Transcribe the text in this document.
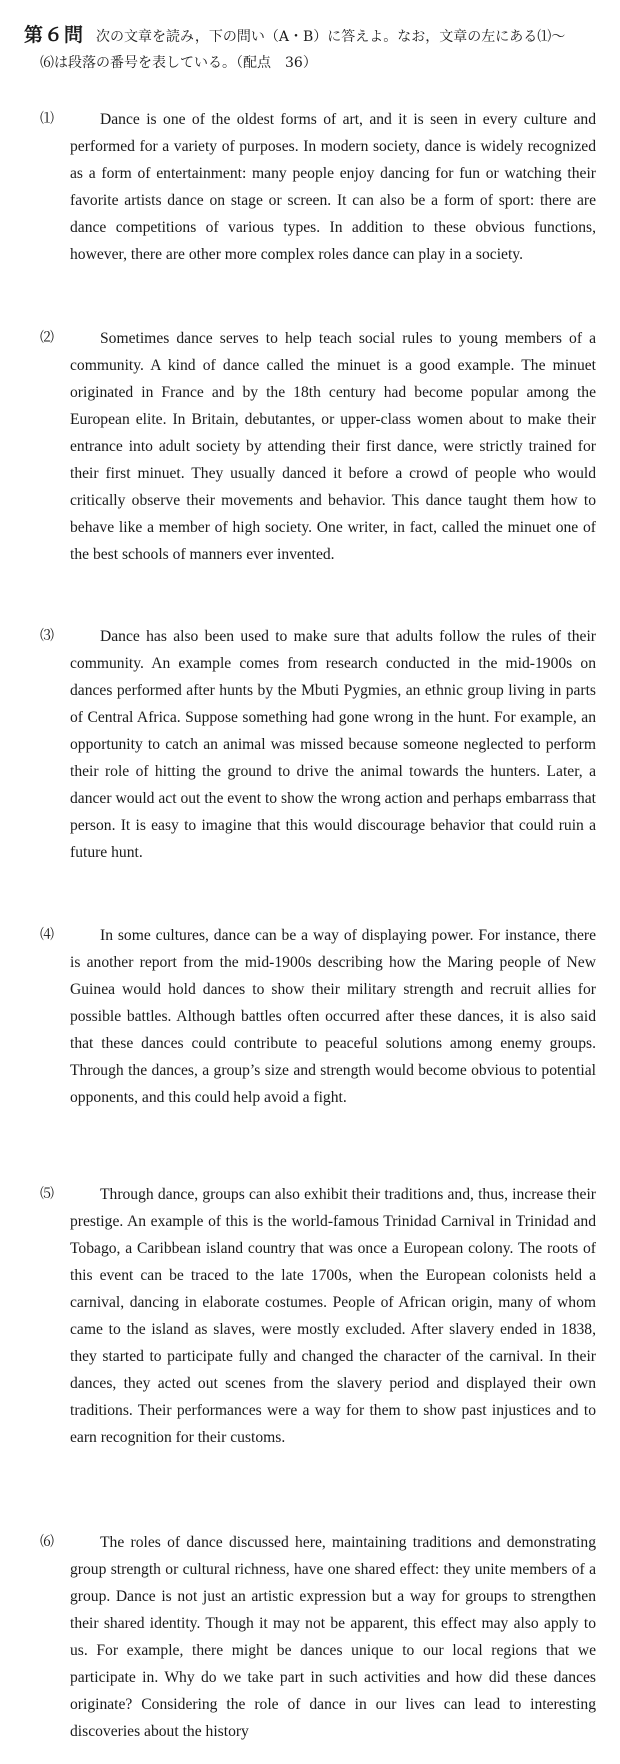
第６問 次の文章を読み，下の問い（A・B）に答えよ。なお，文章の左にある⑴〜
⑹は段落の番号を表している。（配点　36）
⑴	Dance is one of the oldest forms of art, and it is seen in every culture and performed for a variety of purposes. In modern society, dance is widely recognized as a form of entertainment: many people enjoy dancing for fun or watching their favorite artists dance on stage or screen. It can also be a form of sport: there are dance competitions of various types. In addition to these obvious functions, however, there are other more complex roles dance can play in a society.
⑵	Sometimes dance serves to help teach social rules to young members of a community. A kind of dance called the minuet is a good example. The minuet originated in France and by the 18th century had become popular among the European elite. In Britain, debutantes, or upper-class women about to make their entrance into adult society by attending their first dance, were strictly trained for their first minuet. They usually danced it before a crowd of people who would critically observe their movements and behavior. This dance taught them how to behave like a member of high society. One writer, in fact, called the minuet one of the best schools of manners ever invented.
⑶	Dance has also been used to make sure that adults follow the rules of their community. An example comes from research conducted in the mid-1900s on dances performed after hunts by the Mbuti Pygmies, an ethnic group living in parts of Central Africa. Suppose something had gone wrong in the hunt. For example, an opportunity to catch an animal was missed because someone neglected to perform their role of hitting the ground to drive the animal towards the hunters. Later, a dancer would act out the event to show the wrong action and perhaps embarrass that person. It is easy to imagine that this would discourage behavior that could ruin a future hunt.
⑷	In some cultures, dance can be a way of displaying power. For instance, there is another report from the mid-1900s describing how the Maring people of New Guinea would hold dances to show their military strength and recruit allies for possible battles. Although battles often occurred after these dances, it is also said that these dances could contribute to peaceful solutions among enemy groups. Through the dances, a group’s size and strength would become obvious to potential opponents, and this could help avoid a fight.
⑸	Through dance, groups can also exhibit their traditions and, thus, increase their prestige. An example of this is the world-famous Trinidad Carnival in Trinidad and Tobago, a Caribbean island country that was once a European colony. The roots of this event can be traced to the late 1700s, when the European colonists held a carnival, dancing in elaborate costumes. People of African origin, many of whom came to the island as slaves, were mostly excluded. After slavery ended in 1838, they started to participate fully and changed the character of the carnival. In their dances, they acted out scenes from the slavery period and displayed their own traditions. Their performances were a way for them to show past injustices and to earn recognition for their customs.
⑹	The roles of dance discussed here, maintaining traditions and demonstrating group strength or cultural richness, have one shared effect: they unite members of a group. Dance is not just an artistic expression but a way for groups to strengthen their shared identity. Though it may not be apparent, this effect may also apply to us. For example, there might be dances unique to our local regions that we participate in. Why do we take part in such activities and how did these dances originate? Considering the role of dance in our lives can lead to interesting discoveries about the history
